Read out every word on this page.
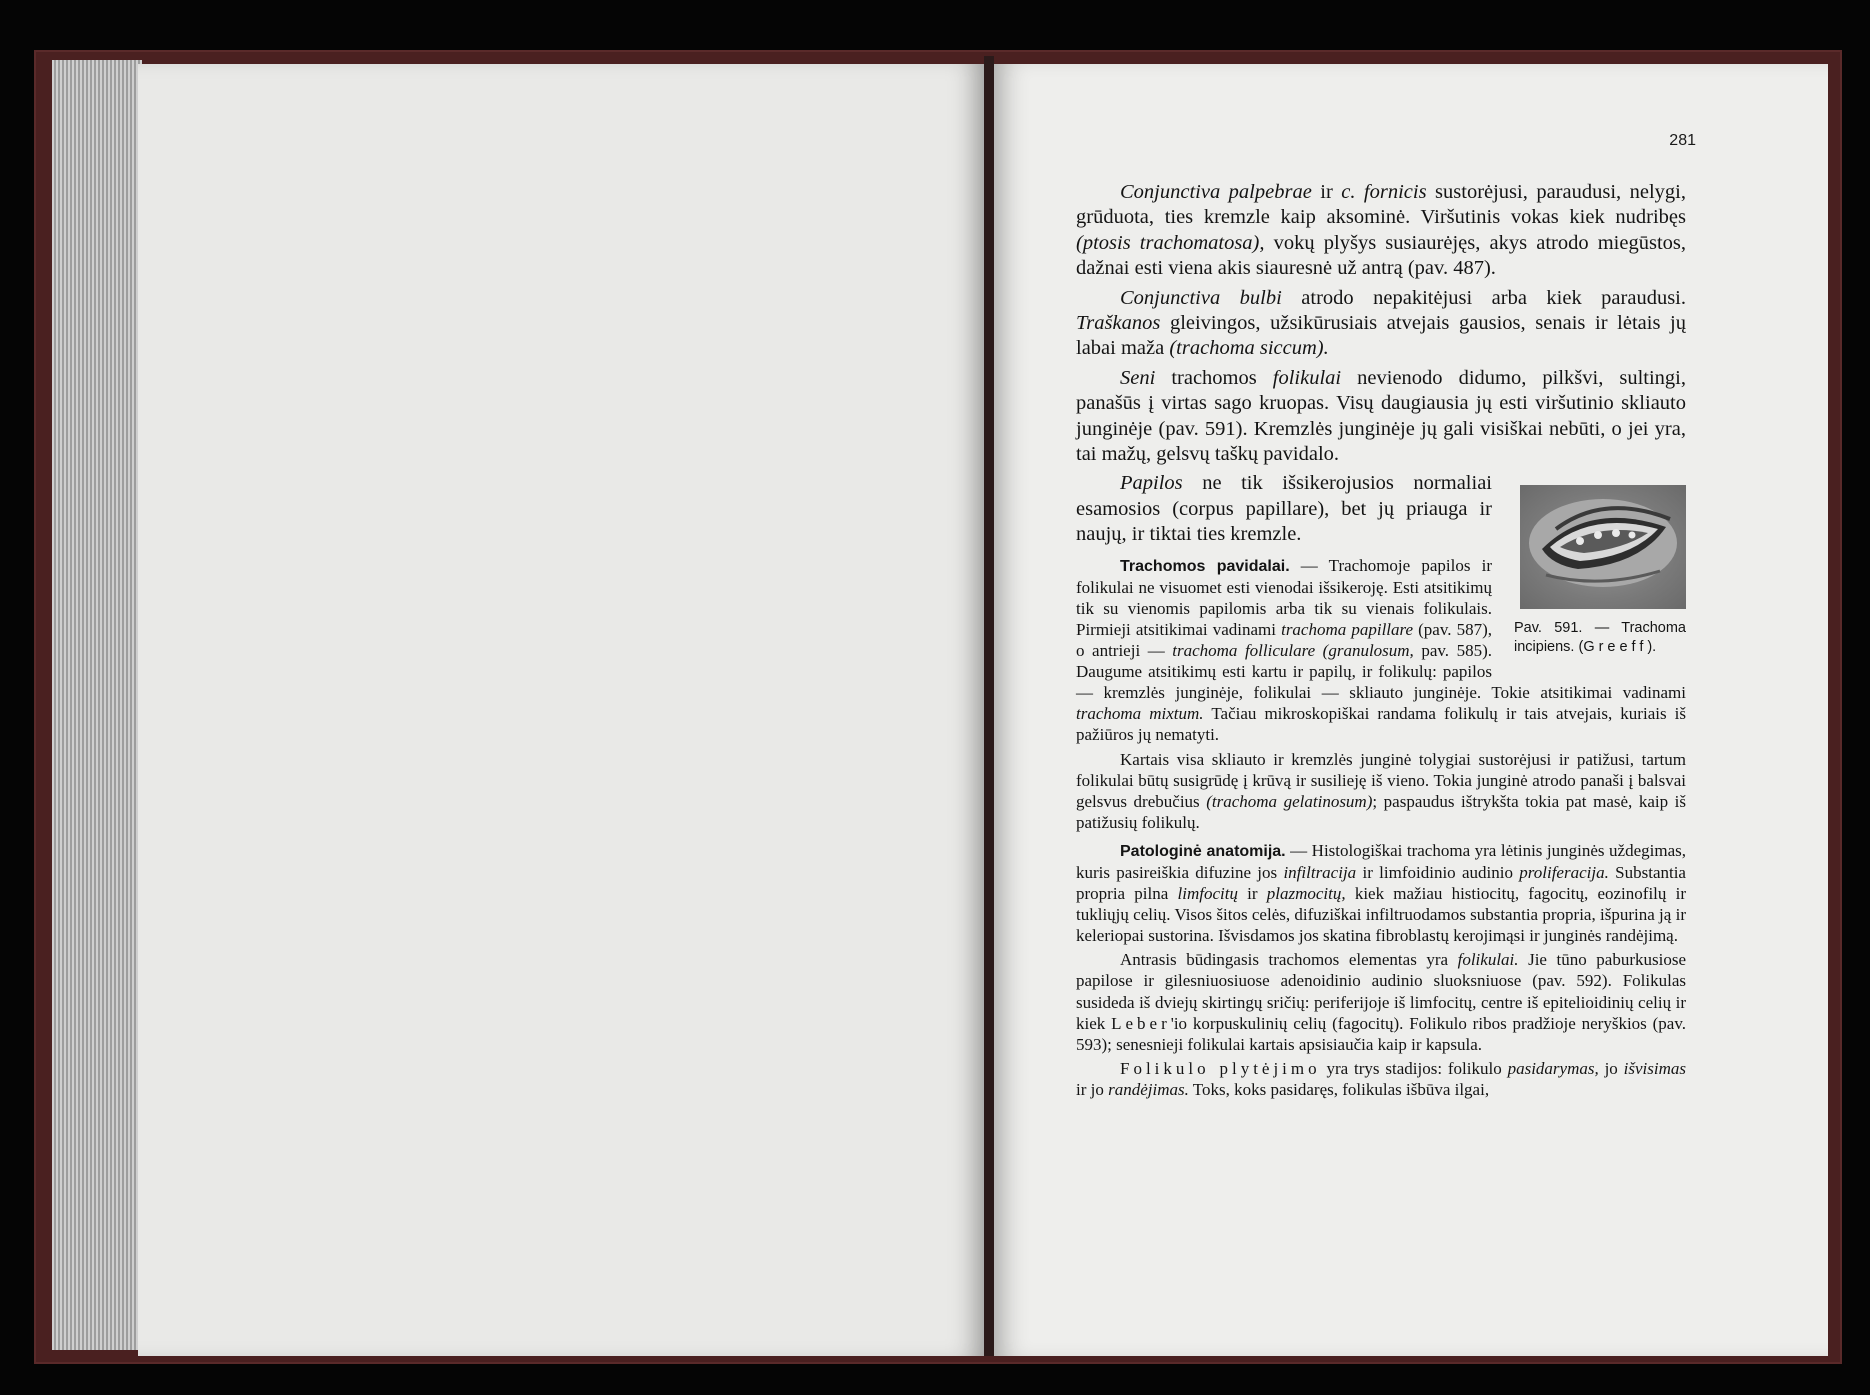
281

Conjunctiva palpebrae ir c. fornicis sustorėjusi, paraudusi, nelygi, grūduota, ties kremzle kaip aksominė. Viršutinis vokas kiek nudribęs (ptosis trachomatosa), vokų plyšys susiaurėjęs, akys atrodo miegūstos, dažnai esti viena akis siauresnė už antrą (pav. 487).

Conjunctiva bulbi atrodo nepakitėjusi arba kiek paraudusi. Traškanos gleivingos, užsikūrusiais atvejais gausios, senais ir lėtais jų labai maža (trachoma siccum).

Seni trachomos folikulai nevienodo didumo, pilkšvi, sultingi, panašūs į virtas sago kruopas. Visų daugiausia jų esti viršutinio skliauto junginėje (pav. 591). Kremzlės junginėje jų gali visiškai nebūti, o jei yra, tai mažų, gelsvų taškų pavidalo.

Pav. 591. — Trachoma incipiens. (Greeff).

Papilos ne tik išsikerojusios normaliai esamosios (corpus papillare), bet jų priauga ir naujų, ir tiktai ties kremzle.

Trachomos pavidalai. — Trachomoje papilos ir folikulai ne visuomet esti vienodai išsikeroję. Esti atsitikimų tik su vienomis papilomis arba tik su vienais folikulais. Pirmieji atsitikimai vadinami trachoma papillare (pav. 587), o antrieji — trachoma folliculare (granulosum, pav. 585). Daugume atsitikimų esti kartu ir papilų, ir folikulų: papilos — kremzlės junginėje, folikulai — skliauto junginėje. Tokie atsitikimai vadinami trachoma mixtum. Tačiau mikroskopiškai randama folikulų ir tais atvejais, kuriais iš pažiūros jų nematyti.

Kartais visa skliauto ir kremzlės junginė tolygiai sustorėjusi ir patižusi, tartum folikulai būtų susigrūdę į krūvą ir susilieję iš vieno. Tokia junginė atrodo panaši į balsvai gelsvus drebučius (trachoma gelatinosum); paspaudus ištrykšta tokia pat masė, kaip iš patižusių folikulų.

Patologinė anatomija. — Histologiškai trachoma yra lėtinis junginės uždegimas, kuris pasireiškia difuzine jos infiltracija ir limfoidinio audinio proliferacija. Substantia propria pilna limfocitų ir plazmocitų, kiek mažiau histiocitų, fagocitų, eozinofilų ir tukliųjų celių. Visos šitos celės, difuziškai infiltruodamos substantia propria, išpurina ją ir keleriopai sustorina. Išvisdamos jos skatina fibroblastų kerojimąsi ir junginės randėjimą.

Antrasis būdingasis trachomos elementas yra folikulai. Jie tūno paburkusiose papilose ir gilesniuosiuose adenoidinio audinio sluoksniuose (pav. 592). Folikulas susideda iš dviejų skirtingų sričių: periferijoje iš limfocitų, centre iš epitelioidinių celių ir kiek Leber'io korpuskulinių celių (fagocitų). Folikulo ribos pradžioje neryškios (pav. 593); senesnieji folikulai kartais apsisiaučia kaip ir kapsula.

Folikulo plytėjimo yra trys stadijos: folikulo pasidarymas, jo išvisimas ir jo randėjimas. Toks, koks pasidaręs, folikulas išbūva ilgai,
